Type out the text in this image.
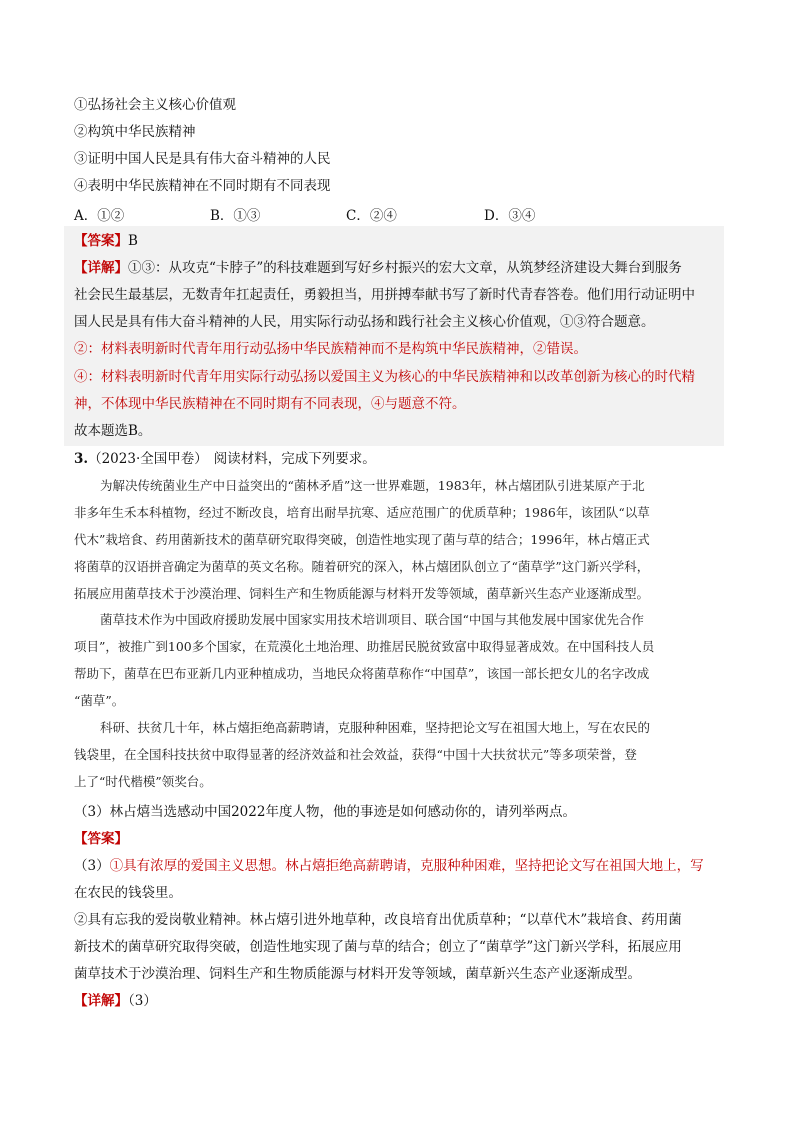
①弘扬社会主义核心价值观
②构筑中华民族精神
③证明中国人民是具有伟大奋斗精神的人民
④表明中华民族精神在不同时期有不同表现
A．①②	B．①③	C．②④	D．③④
【答案】B
【详解】①③：从攻克“卡脖子”的科技难题到写好乡村振兴的宏大文章，从筑梦经济建设大舞台到服务
社会民生最基层，无数青年扛起责任，勇毅担当，用拼搏奉献书写了新时代青春答卷。他们用行动证明中
国人民是具有伟大奋斗精神的人民，用实际行动弘扬和践行社会主义核心价值观，①③符合题意。
②：材料表明新时代青年用行动弘扬中华民族精神而不是构筑中华民族精神，②错误。
④：材料表明新时代青年用实际行动弘扬以爱国主义为核心的中华民族精神和以改革创新为核心的时代精
神，不体现中华民族精神在不同时期有不同表现，④与题意不符。
故本题选B。
3.（2023·全国甲卷） 阅读材料，完成下列要求。
为解决传统菌业生产中日益突出的“菌林矛盾”这一世界难题，1983年，林占熺团队引进某原产于北
非多年生禾本科植物，经过不断改良，培育出耐旱抗寒、适应范围广的优质草种；1986年，该团队“以草
代木”栽培食、药用菌新技术的菌草研究取得突破，创造性地实现了菌与草的结合；1996年，林占熺正式
将菌草的汉语拼音确定为菌草的英文名称。随着研究的深入，林占熺团队创立了“菌草学”这门新兴学科，
拓展应用菌草技术于沙漠治理、饲料生产和生物质能源与材料开发等领域，菌草新兴生态产业逐渐成型。
菌草技术作为中国政府援助发展中国家实用技术培训项目、联合国“中国与其他发展中国家优先合作
项目”，被推广到100多个国家，在荒漠化土地治理、助推居民脱贫致富中取得显著成效。在中国科技人员
帮助下，菌草在巴布亚新几内亚种植成功，当地民众将菌草称作“中国草”，该国一部长把女儿的名字改成
“菌草”。
科研、扶贫几十年，林占熺拒绝高薪聘请，克服种种困难，坚持把论文写在祖国大地上，写在农民的
钱袋里，在全国科技扶贫中取得显著的经济效益和社会效益，获得“中国十大扶贫状元”等多项荣誉，登
上了“时代楷模”领奖台。
（3）林占熺当选感动中国2022年度人物，他的事迹是如何感动你的，请列举两点。
【答案】
（3）①具有浓厚的爱国主义思想。林占熺拒绝高薪聘请，克服种种困难，坚持把论文写在祖国大地上，写
在农民的钱袋里。
②具有忘我的爱岗敬业精神。林占熺引进外地草种，改良培育出优质草种；“以草代木”栽培食、药用菌
新技术的菌草研究取得突破，创造性地实现了菌与草的结合；创立了“菌草学”这门新兴学科，拓展应用
菌草技术于沙漠治理、饲料生产和生物质能源与材料开发等领域，菌草新兴生态产业逐渐成型。
【详解】（3）
